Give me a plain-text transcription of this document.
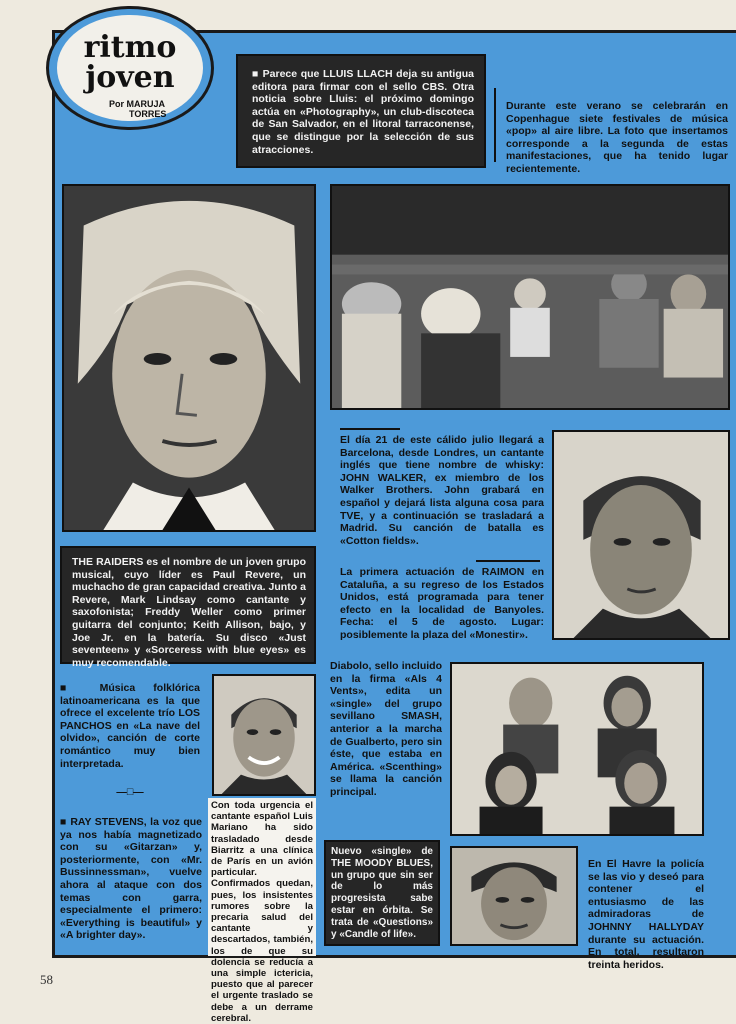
ritmo
joven
Por MARUJA
TORRES
■ Parece que LLUIS LLACH deja su antigua editora para firmar con el sello CBS. Otra noticia sobre Lluis: el próximo domingo actúa en «Photography», un club-discoteca de San Salvador, en el litoral tarraconense, que se distingue por la selección de sus atracciones.
Durante este verano se celebrarán en Copenhague siete festivales de música «pop» al aire libre. La foto que insertamos corresponde a la segunda de estas manifestaciones, que ha tenido lugar recientemente.
El día 21 de este cálido julio llegará a Barcelona, desde Londres, un cantante inglés que tiene nombre de whisky: JOHN WALKER, ex miembro de los Walker Brothers. John grabará en español y dejará lista alguna cosa para TVE, y a continuación se trasladará a Madrid. Su canción de batalla es «Cotton fields».
THE RAIDERS es el nombre de un joven grupo musical, cuyo líder es Paul Revere, un muchacho de gran capacidad creativa. Junto a Revere, Mark Lindsay como cantante y saxofonista; Freddy Weller como primer guitarra del conjunto; Keith Allison, bajo, y Joe Jr. en la batería. Su disco «Just seventeen» y «Sorceress with blue eyes» es muy recomendable.
La primera actuación de RAIMON en Cataluña, a su regreso de los Estados Unidos, está programada para tener efecto en la localidad de Banyoles. Fecha: el 5 de agosto. Lugar: posiblemente la plaza del «Monestir».
■ Música folklórica latinoamericana es la que ofrece el excelente trío LOS PANCHOS en «La nave del olvido», canción de corte romántico muy bien interpretada.
—□—
■ RAY STEVENS, la voz que ya nos había magnetizado con su «Gitarzan» y, posteriormente, con «Mr. Bussinnessman», vuelve ahora al ataque con dos temas con garra, especialmente el primero: «Everything is beautiful» y «A brighter day».
Con toda urgencia el cantante español Luis Mariano ha sido trasladado desde Biarritz a una clínica de París en un avión particular. Confirmados quedan, pues, los insistentes rumores sobre la precaria salud del cantante y descartados, también, los de que su dolencia se reducía a una simple ictericia, puesto que al parecer el urgente traslado se debe a un derrame cerebral.
Diabolo, sello incluido en la firma «Als 4 Vents», edita un «single» del grupo sevillano SMASH, anterior a la marcha de Gualberto, pero sin éste, que estaba en América. «Scenthing» se llama la canción principal.
Nuevo «single» de THE MOODY BLUES, un grupo que sin ser de lo más progresista sabe estar en órbita. Se trata de «Questions» y «Candle of life».
En El Havre la policía se las vio y deseó para contener el entusiasmo de las admiradoras de JOHNNY HALLYDAY durante su actuación. En total, resultaron treinta heridos.
58
